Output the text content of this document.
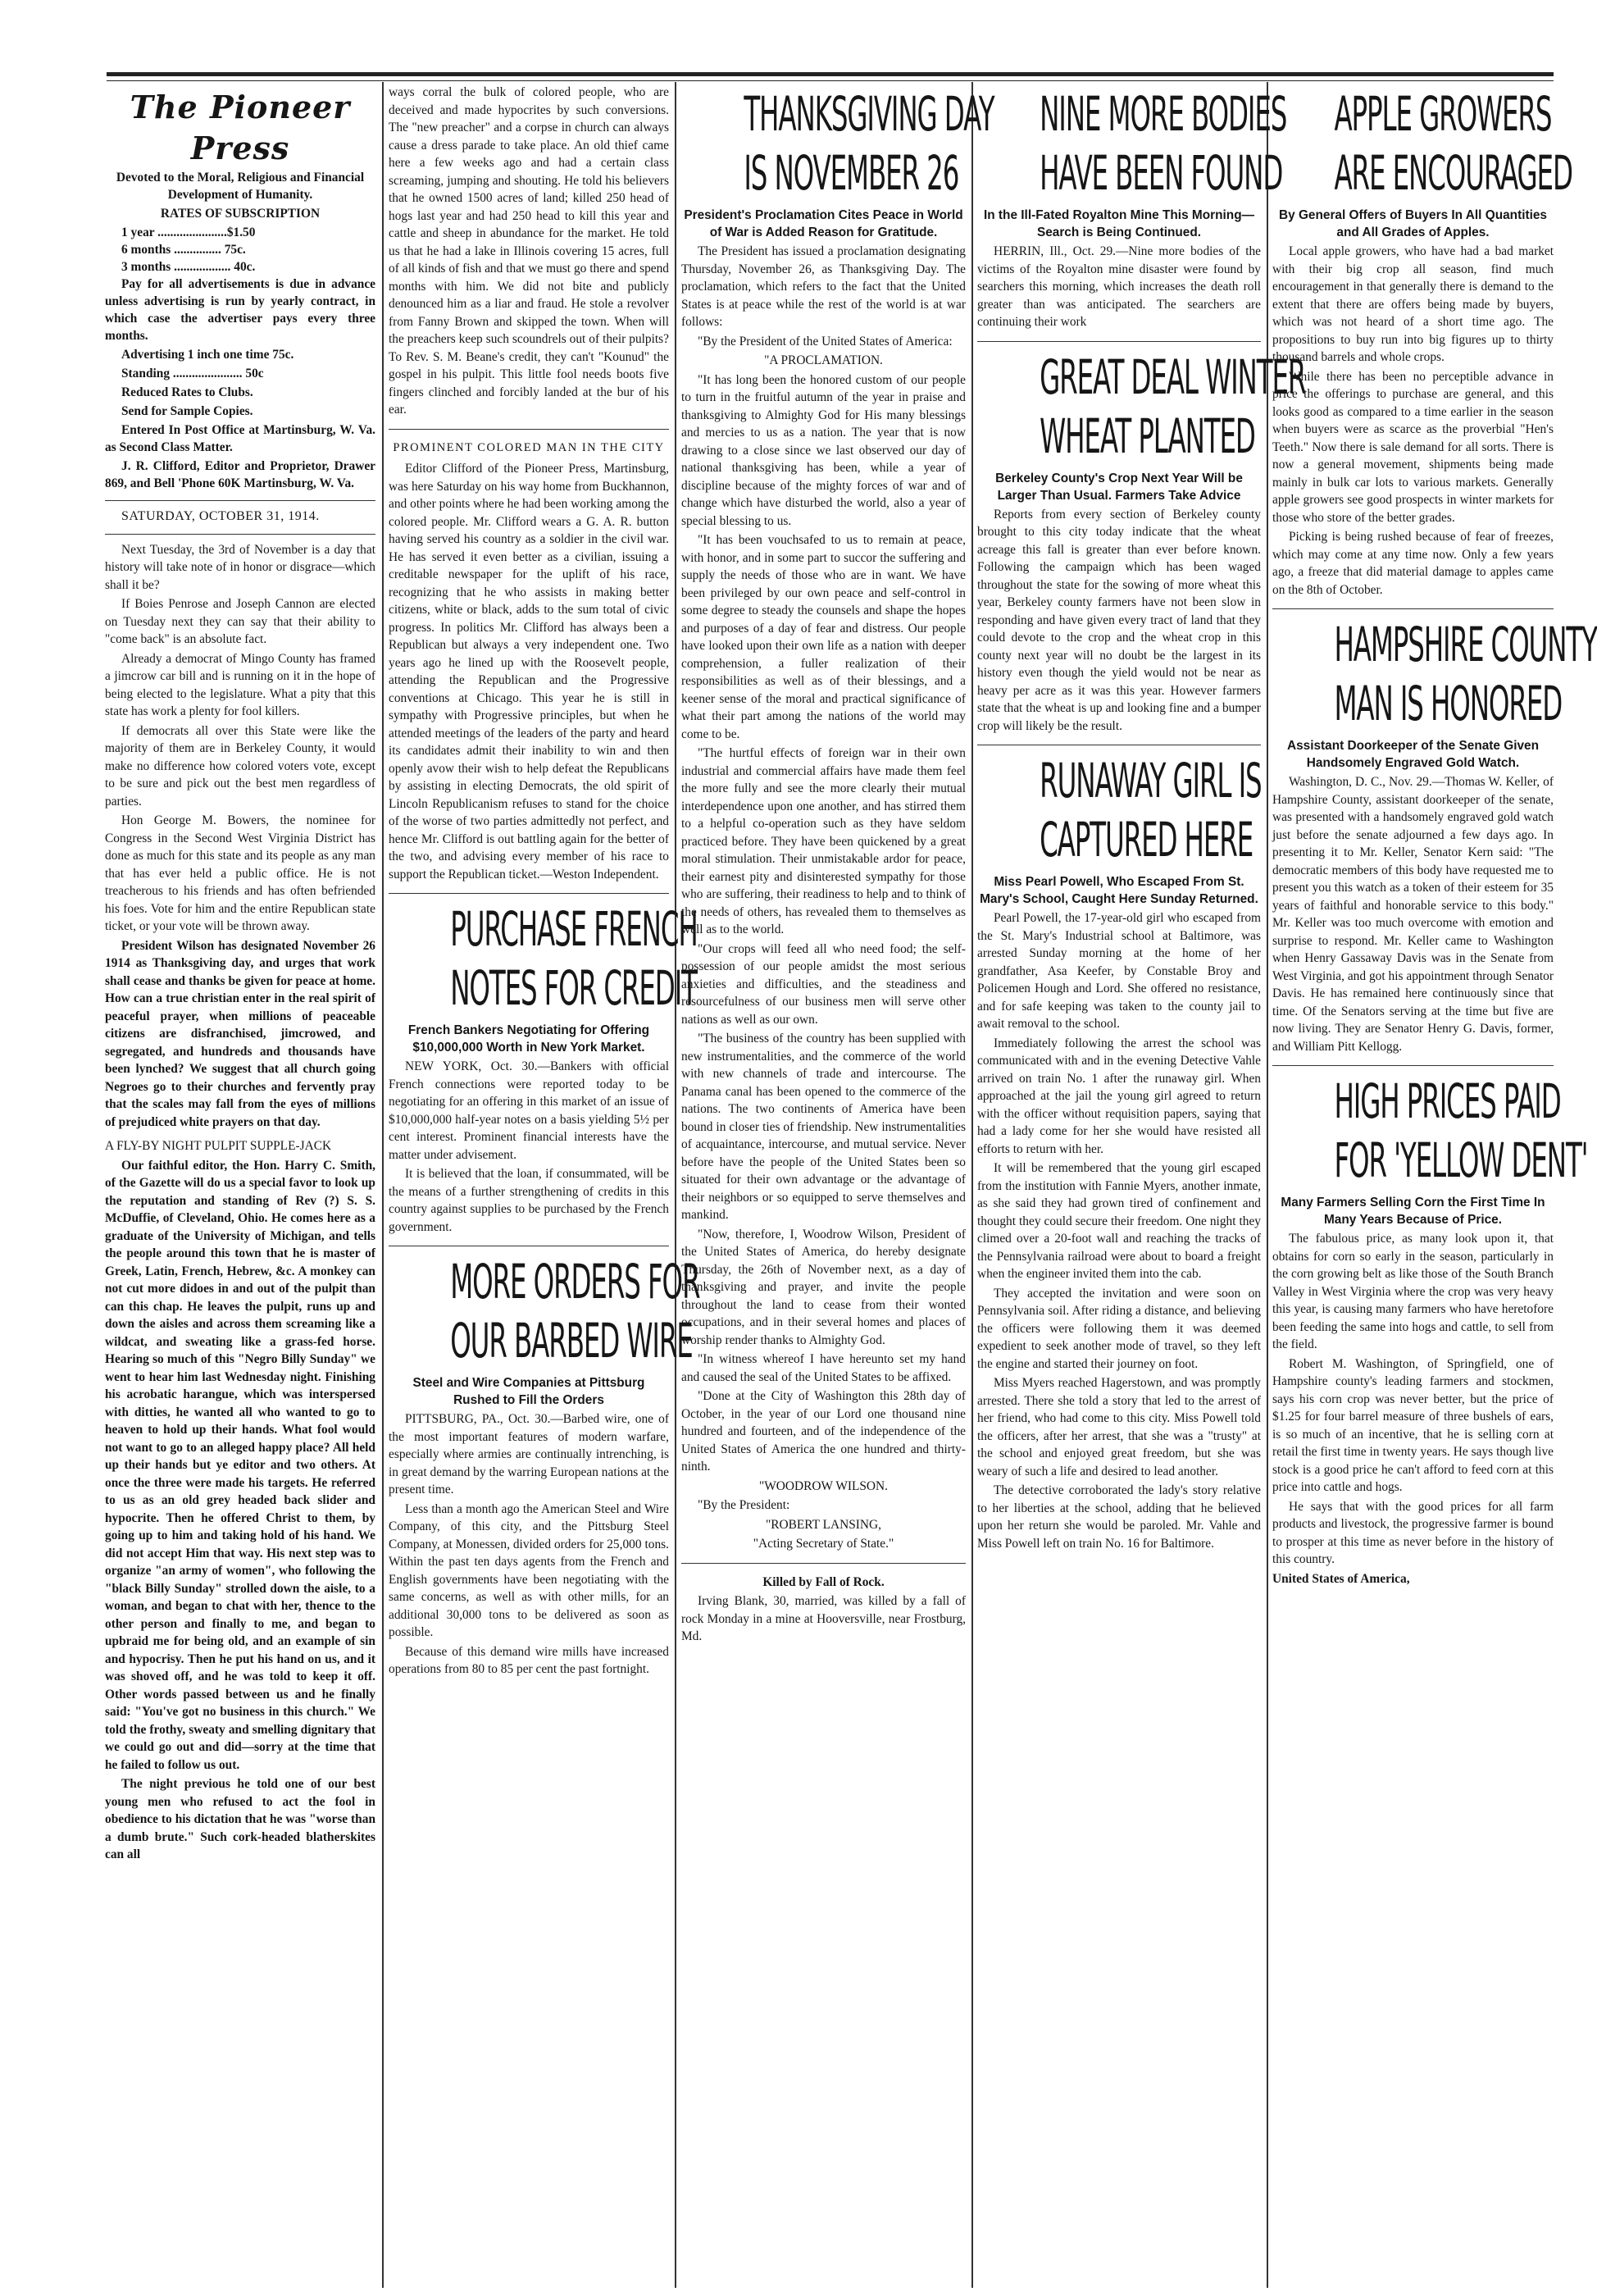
The Pioneer Press

Devoted to the Moral, Religious and Financial Development of Humanity.

RATES OF SUBSCRIPTION

1 year ......................$1.50
6 months ............... 75c.
3 months .................. 40c.

Pay for all advertisements is due in advance unless advertising is run by yearly contract, in which case the advertiser pays every three months.

Advertising 1 inch one time 75c.

Standing ...................... 50c

Reduced Rates to Clubs.

Send for Sample Copies.

Entered In Post Office at Martinsburg, W. Va. as Second Class Matter.

J. R. Clifford, Editor and Proprietor, Drawer 869, and Bell 'Phone 60K Martinsburg, W. Va.

SATURDAY, OCTOBER 31, 1914.

Next Tuesday, the 3rd of November is a day that history will take note of in honor or disgrace—which shall it be?

If Boies Penrose and Joseph Cannon are elected on Tuesday next they can say that their ability to "come back" is an absolute fact.

Already a democrat of Mingo County has framed a jimcrow car bill and is running on it in the hope of being elected to the legislature. What a pity that this state has work a plenty for fool killers.

If democrats all over this State were like the majority of them are in Berkeley County, it would make no difference how colored voters vote, except to be sure and pick out the best men regardless of parties.

Hon George M. Bowers, the nominee for Congress in the Second West Virginia District has done as much for this state and its people as any man that has ever held a public office. He is not treacherous to his friends and has often befriended his foes. Vote for him and the entire Republican state ticket, or your vote will be thrown away.

President Wilson has designated November 26 1914 as Thanksgiving day, and urges that work shall cease and thanks be given for peace at home. How can a true christian enter in the real spirit of peaceful prayer, when millions of peaceable citizens are disfranchised, jimcrowed, and segregated, and hundreds and thousands have been lynched? We suggest that all church going Negroes go to their churches and fervently pray that the scales may fall from the eyes of millions of prejudiced white prayers on that day.

A FLY-BY NIGHT PULPIT SUPPLE-JACK

Our faithful editor, the Hon. Harry C. Smith, of the Gazette will do us a special favor to look up the reputation and standing of Rev (?) S. S. McDuffie, of Cleveland, Ohio. He comes here as a graduate of the University of Michigan, and tells the people around this town that he is master of Greek, Latin, French, Hebrew, &c. A monkey can not cut more didoes in and out of the pulpit than can this chap. He leaves the pulpit, runs up and down the aisles and across them screaming like a wildcat, and sweating like a grass-fed horse. Hearing so much of this "Negro Billy Sunday" we went to hear him last Wednesday night. Finishing his acrobatic harangue, which was interspersed with ditties, he wanted all who wanted to go to heaven to hold up their hands. What fool would not want to go to an alleged happy place? All held up their hands but ye editor and two others. At once the three were made his targets. He referred to us as an old grey headed back slider and hypocrite. Then he offered Christ to them, by going up to him and taking hold of his hand. We did not accept Him that way. His next step was to organize "an army of women", who following the "black Billy Sunday" strolled down the aisle, to a woman, and began to chat with her, thence to the other person and finally to me, and began to upbraid me for being old, and an example of sin and hypocrisy. Then he put his hand on us, and it was shoved off, and he was told to keep it off. Other words passed between us and he finally said: "You've got no business in this church." We told the frothy, sweaty and smelling dignitary that we could go out and did—sorry at the time that he failed to follow us out.

The night previous he told one of our best young men who refused to act the fool in obedience to his dictation that he was "worse than a dumb brute." Such cork-headed blatherskites can all

ways corral the bulk of colored people, who are deceived and made hypocrites by such conversions. The "new preacher" and a corpse in church can always cause a dress parade to take place. An old thief came here a few weeks ago and had a certain class screaming, jumping and shouting. He told his believers that he owned 1500 acres of land; killed 250 head of hogs last year and had 250 head to kill this year and cattle and sheep in abundance for the market. He told us that he had a lake in Illinois covering 15 acres, full of all kinds of fish and that we must go there and spend months with him. We did not bite and publicly denounced him as a liar and fraud. He stole a revolver from Fanny Brown and skipped the town. When will the preachers keep such scoundrels out of their pulpits? To Rev. S. M. Beane's credit, they can't "Kounud" the gospel in his pulpit. This little fool needs boots five fingers clinched and forcibly landed at the bur of his ear.

PROMINENT COLORED MAN IN THE CITY

Editor Clifford of the Pioneer Press, Martinsburg, was here Saturday on his way home from Buckhannon, and other points where he had been working among the colored people. Mr. Clifford wears a G. A. R. button having served his country as a soldier in the civil war. He has served it even better as a civilian, issuing a creditable newspaper for the uplift of his race, recognizing that he who assists in making better citizens, white or black, adds to the sum total of civic progress. In politics Mr. Clifford has always been a Republican but always a very independent one. Two years ago he lined up with the Roosevelt people, attending the Republican and the Progressive conventions at Chicago. This year he is still in sympathy with Progressive principles, but when he attended meetings of the leaders of the party and heard its candidates admit their inability to win and then openly avow their wish to help defeat the Republicans by assisting in electing Democrats, the old spirit of Lincoln Republicanism refuses to stand for the choice of the worse of two parties admittedly not perfect, and hence Mr. Clifford is out battling again for the better of the two, and advising every member of his race to support the Republican ticket.—Weston Independent.

PURCHASE FRENCH
NOTES FOR CREDIT

French Bankers Negotiating for Offering $10,000,000 Worth in New York Market.

NEW YORK, Oct. 30.—Bankers with official French connections were reported today to be negotiating for an offering in this market of an issue of $10,000,000 half-year notes on a basis yielding 5½ per cent interest. Prominent financial interests have the matter under advisement.

It is believed that the loan, if consummated, will be the means of a further strengthening of credits in this country against supplies to be purchased by the French government.

MORE ORDERS FOR
OUR BARBED WIRE

Steel and Wire Companies at Pittsburg Rushed to Fill the Orders

PITTSBURG, PA., Oct. 30.—Barbed wire, one of the most important features of modern warfare, especially where armies are continually intrenching, is in great demand by the warring European nations at the present time.

Less than a month ago the American Steel and Wire Company, of this city, and the Pittsburg Steel Company, at Monessen, divided orders for 25,000 tons. Within the past ten days agents from the French and English governments have been negotiating with the same concerns, as well as with other mills, for an additional 30,000 tons to be delivered as soon as possible.

Because of this demand wire mills have increased operations from 80 to 85 per cent the past fortnight.

THANKSGIVING DAY
IS NOVEMBER 26

President's Proclamation Cites Peace in World of War is Added Reason for Gratitude.

The President has issued a proclamation designating Thursday, November 26, as Thanksgiving Day. The proclamation, which refers to the fact that the United States is at peace while the rest of the world is at war follows:

"By the President of the United States of America:

"A PROCLAMATION.

"It has long been the honored custom of our people to turn in the fruitful autumn of the year in praise and thanksgiving to Almighty God for His many blessings and mercies to us as a nation. The year that is now drawing to a close since we last observed our day of national thanksgiving has been, while a year of discipline because of the mighty forces of war and of change which have disturbed the world, also a year of special blessing to us.

"It has been vouchsafed to us to remain at peace, with honor, and in some part to succor the suffering and supply the needs of those who are in want. We have been privileged by our own peace and self-control in some degree to steady the counsels and shape the hopes and purposes of a day of fear and distress. Our people have looked upon their own life as a nation with deeper comprehension, a fuller realization of their responsibilities as well as of their blessings, and a keener sense of the moral and practical significance of what their part among the nations of the world may come to be.

"The hurtful effects of foreign war in their own industrial and commercial affairs have made them feel the more fully and see the more clearly their mutual interdependence upon one another, and has stirred them to a helpful co-operation such as they have seldom practiced before. They have been quickened by a great moral stimulation. Their unmistakable ardor for peace, their earnest pity and disinterested sympathy for those who are suffering, their readiness to help and to think of the needs of others, has revealed them to themselves as well as to the world.

"Our crops will feed all who need food; the self-possession of our people amidst the most serious anxieties and difficulties, and the steadiness and resourcefulness of our business men will serve other nations as well as our own.

"The business of the country has been supplied with new instrumentalities, and the commerce of the world with new channels of trade and intercourse. The Panama canal has been opened to the commerce of the nations. The two continents of America have been bound in closer ties of friendship. New instrumentalities of acquaintance, intercourse, and mutual service. Never before have the people of the United States been so situated for their own advantage or the advantage of their neighbors or so equipped to serve themselves and mankind.

"Now, therefore, I, Woodrow Wilson, President of the United States of America, do hereby designate Thursday, the 26th of November next, as a day of thanksgiving and prayer, and invite the people throughout the land to cease from their wonted occupations, and in their several homes and places of worship render thanks to Almighty God.

"In witness whereof I have hereunto set my hand and caused the seal of the United States to be affixed.

"Done at the City of Washington this 28th day of October, in the year of our Lord one thousand nine hundred and fourteen, and of the independence of the United States of America the one hundred and thirty-ninth.

"WOODROW WILSON.

"By the President:

"ROBERT LANSING,

"Acting Secretary of State."

Killed by Fall of Rock.

Irving Blank, 30, married, was killed by a fall of rock Monday in a mine at Hooversville, near Frostburg, Md.

NINE MORE BODIES
HAVE BEEN FOUND

In the Ill-Fated Royalton Mine This Morning—Search is Being Continued.

HERRIN, Ill., Oct. 29.—Nine more bodies of the victims of the Royalton mine disaster were found by searchers this morning, which increases the death roll greater than was anticipated. The searchers are continuing their work

GREAT DEAL WINTER
WHEAT PLANTED

Berkeley County's Crop Next Year Will be Larger Than Usual. Farmers Take Advice

Reports from every section of Berkeley county brought to this city today indicate that the wheat acreage this fall is greater than ever before known. Following the campaign which has been waged throughout the state for the sowing of more wheat this year, Berkeley county farmers have not been slow in responding and have given every tract of land that they could devote to the crop and the wheat crop in this county next year will no doubt be the largest in its history even though the yield would not be near as heavy per acre as it was this year. However farmers state that the wheat is up and looking fine and a bumper crop will likely be the result.

RUNAWAY GIRL IS
CAPTURED HERE

Miss Pearl Powell, Who Escaped From St. Mary's School, Caught Here Sunday Returned.

Pearl Powell, the 17-year-old girl who escaped from the St. Mary's Industrial school at Baltimore, was arrested Sunday morning at the home of her grandfather, Asa Keefer, by Constable Broy and Policemen Hough and Lord. She offered no resistance, and for safe keeping was taken to the county jail to await removal to the school.

Immediately following the arrest the school was communicated with and in the evening Detective Vahle arrived on train No. 1 after the runaway girl. When approached at the jail the young girl agreed to return with the officer without requisition papers, saying that had a lady come for her she would have resisted all efforts to return with her.

It will be remembered that the young girl escaped from the institution with Fannie Myers, another inmate, as she said they had grown tired of confinement and thought they could secure their freedom. One night they climed over a 20-foot wall and reaching the tracks of the Pennsylvania railroad were about to board a freight when the engineer invited them into the cab.

They accepted the invitation and were soon on Pennsylvania soil. After riding a distance, and believing the officers were following them it was deemed expedient to seek another mode of travel, so they left the engine and started their journey on foot.

Miss Myers reached Hagerstown, and was promptly arrested. There she told a story that led to the arrest of her friend, who had come to this city. Miss Powell told the officers, after her arrest, that she was a "trusty" at the school and enjoyed great freedom, but she was weary of such a life and desired to lead another.

The detective corroborated the lady's story relative to her liberties at the school, adding that he believed upon her return she would be paroled. Mr. Vahle and Miss Powell left on train No. 16 for Baltimore.

APPLE GROWERS
ARE ENCOURAGED

By General Offers of Buyers In All Quantities and All Grades of Apples.

Local apple growers, who have had a bad market with their big crop all season, find much encouragement in that generally there is demand to the extent that there are offers being made by buyers, which was not heard of a short time ago. The propositions to buy run into big figures up to thirty thousand barrels and whole crops.

While there has been no perceptible advance in price the offerings to purchase are general, and this looks good as compared to a time earlier in the season when buyers were as scarce as the proverbial "Hen's Teeth." Now there is sale demand for all sorts. There is now a general movement, shipments being made mainly in bulk car lots to various markets. Generally apple growers see good prospects in winter markets for those who store of the better grades.

Picking is being rushed because of fear of freezes, which may come at any time now. Only a few years ago, a freeze that did material damage to apples came on the 8th of October.

HAMPSHIRE COUNTY
MAN IS HONORED

Assistant Doorkeeper of the Senate Given Handsomely Engraved Gold Watch.

Washington, D. C., Nov. 29.—Thomas W. Keller, of Hampshire County, assistant doorkeeper of the senate, was presented with a handsomely engraved gold watch just before the senate adjourned a few days ago. In presenting it to Mr. Keller, Senator Kern said: "The democratic members of this body have requested me to present you this watch as a token of their esteem for 35 years of faithful and honorable service to this body." Mr. Keller was too much overcome with emotion and surprise to respond. Mr. Keller came to Washington when Henry Gassaway Davis was in the Senate from West Virginia, and got his appointment through Senator Davis. He has remained here continuously since that time. Of the Senators serving at the time but five are now living. They are Senator Henry G. Davis, former, and William Pitt Kellogg.

HIGH PRICES PAID
FOR 'YELLOW DENT'

Many Farmers Selling Corn the First Time In Many Years Because of Price.

The fabulous price, as many look upon it, that obtains for corn so early in the season, particularly in the corn growing belt as like those of the South Branch Valley in West Virginia where the crop was very heavy this year, is causing many farmers who have heretofore been feeding the same into hogs and cattle, to sell from the field.

Robert M. Washington, of Springfield, one of Hampshire county's leading farmers and stockmen, says his corn crop was never better, but the price of $1.25 for four barrel measure of three bushels of ears, is so much of an incentive, that he is selling corn at retail the first time in twenty years. He says though live stock is a good price he can't afford to feed corn at this price into cattle and hogs.

He says that with the good prices for all farm products and livestock, the progressive farmer is bound to prosper at this time as never before in the history of this country.

United States of America,
